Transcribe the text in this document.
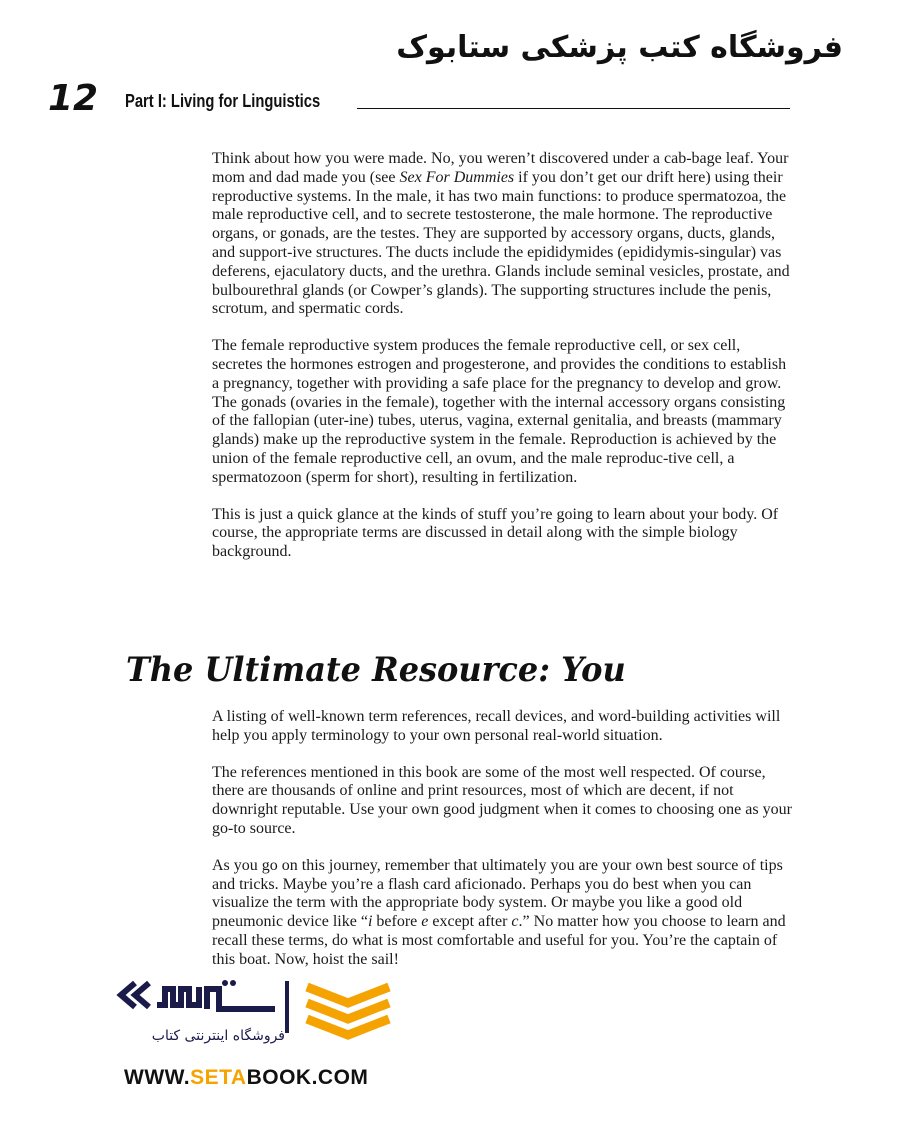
فروشگاه کتب پزشکی ستابوک
12 Part I: Living for Linguistics

Think about how you were made. No, you weren’t discovered under a cab-bage leaf. Your mom and dad made you (see Sex For Dummies if you don’t get our drift here) using their reproductive systems. In the male, it has two main functions: to produce spermatozoa, the male reproductive cell, and to secrete testosterone, the male hormone. The reproductive organs, or gonads, are the testes. They are supported by accessory organs, ducts, glands, and support-ive structures. The ducts include the epididymides (epididymis-singular) vas deferens, ejaculatory ducts, and the urethra. Glands include seminal vesicles, prostate, and bulbourethral glands (or Cowper’s glands). The supporting structures include the penis, scrotum, and spermatic cords.

The female reproductive system produces the female reproductive cell, or sex cell, secretes the hormones estrogen and progesterone, and provides the conditions to establish a pregnancy, together with providing a safe place for the pregnancy to develop and grow. The gonads (ovaries in the female), together with the internal accessory organs consisting of the fallopian (uter-ine) tubes, uterus, vagina, external genitalia, and breasts (mammary glands) make up the reproductive system in the female. Reproduction is achieved by the union of the female reproductive cell, an ovum, and the male reproduc-tive cell, a spermatozoon (sperm for short), resulting in fertilization.

This is just a quick glance at the kinds of stuff you’re going to learn about your body. Of course, the appropriate terms are discussed in detail along with the simple biology background.

The Ultimate Resource: You

A listing of well-known term references, recall devices, and word-building activities will help you apply terminology to your own personal real-world situation.

The references mentioned in this book are some of the most well respected. Of course, there are thousands of online and print resources, most of which are decent, if not downright reputable. Use your own good judgment when it comes to choosing one as your go-to source.

As you go on this journey, remember that ultimately you are your own best source of tips and tricks. Maybe you’re a flash card aficionado. Perhaps you do best when you can visualize the term with the appropriate body system. Or maybe you like a good old pneumonic device like “i before e except after c.” No matter how you choose to learn and recall these terms, do what is most comfortable and useful for you. You’re the captain of this boat. Now, hoist the sail!

فروشگاه اینترنتی کتاب
WWW.SETABOOK.COM
